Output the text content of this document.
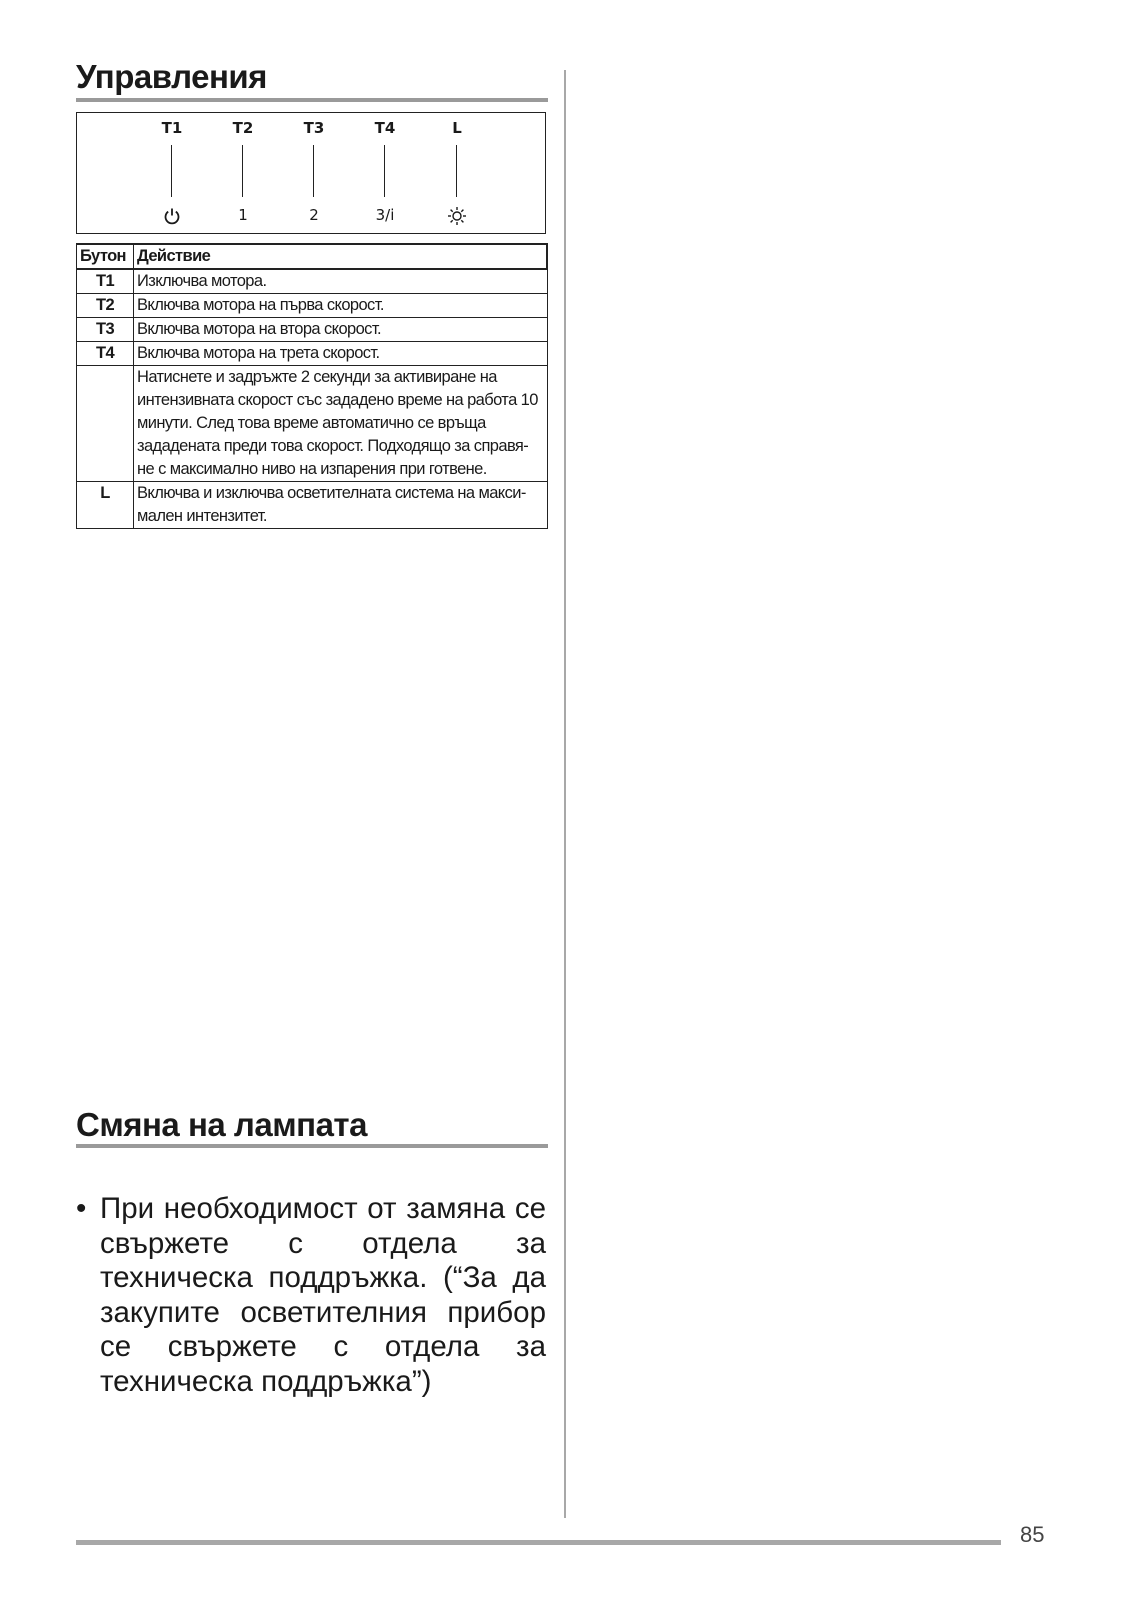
Управления
T1	T2
1
T3
2
T4
3/i
L
Бутон	Действие
T1	Изключва мотора.
T2	Включва мотора на първа скорост.
T3	Включва мотора на втора скорост.
T4	Включва мотора на трета скорост.
	Натиснете и задръжте 2 секунди за активиране на интензивната скорост със зададено време на работа 10 минути. След това време автоматично се връща зададената преди това скорост. Подходящо за справя-не с максимално ниво на изпарения при готвене.
L	Включва и изключва осветителната система на макси-мален интензитет.
Смяна на лампата
• При необходимост от замяна се свържете с отдела за техническа поддръжка. (“За да закупите осветителния прибор се свържете с отдела за техническа поддръжка”)
85
